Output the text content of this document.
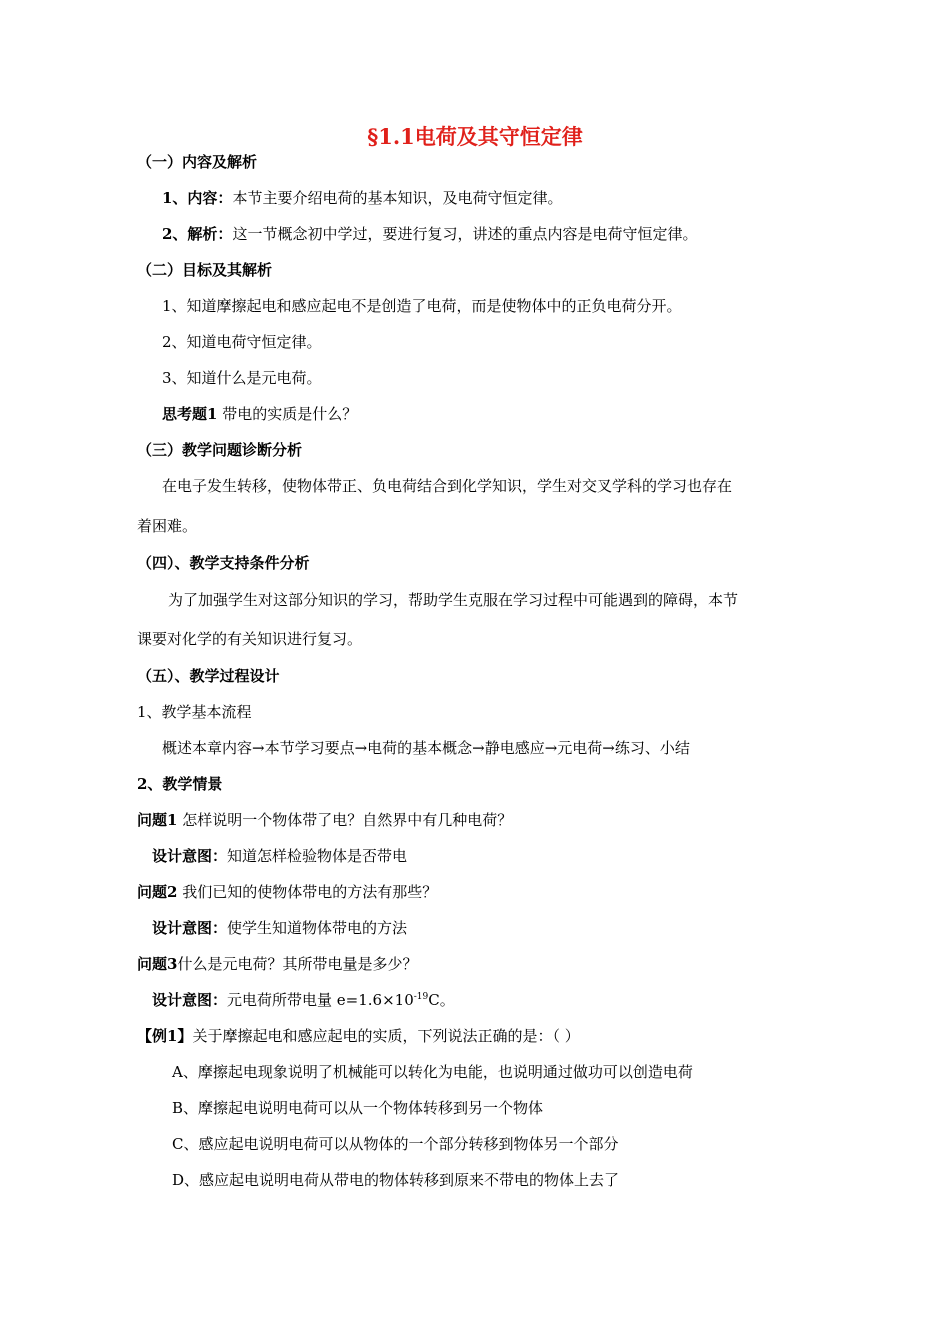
§1.1电荷及其守恒定律
（一）内容及解析
1、内容：本节主要介绍电荷的基本知识，及电荷守恒定律。
2、解析：这一节概念初中学过，要进行复习，讲述的重点内容是电荷守恒定律。
（二）目标及其解析
1、知道摩擦起电和感应起电不是创造了电荷，而是使物体中的正负电荷分开。
2、知道电荷守恒定律。
3、知道什么是元电荷。
思考题1 带电的实质是什么？
（三）教学问题诊断分析
在电子发生转移，使物体带正、负电荷结合到化学知识，学生对交叉学科的学习也存在
着困难。
（四）、教学支持条件分析
为了加强学生对这部分知识的学习，帮助学生克服在学习过程中可能遇到的障碍，本节
课要对化学的有关知识进行复习。
（五）、教学过程设计
1、教学基本流程
概述本章内容→本节学习要点→电荷的基本概念→静电感应→元电荷→练习、小结
2、教学情景
问题1 怎样说明一个物体带了电？自然界中有几种电荷？
设计意图：知道怎样检验物体是否带电
问题2 我们已知的使物体带电的方法有那些？
设计意图：使学生知道物体带电的方法
问题3什么是元电荷？其所带电量是多少？
设计意图：元电荷所带电量 $e=1.6\times 10^{-19}C$。
【例1】关于摩擦起电和感应起电的实质，下列说法正确的是：（ ）
A、摩擦起电现象说明了机械能可以转化为电能，也说明通过做功可以创造电荷
B、摩擦起电说明电荷可以从一个物体转移到另一个物体
C、感应起电说明电荷可以从物体的一个部分转移到物体另一个部分
D、感应起电说明电荷从带电的物体转移到原来不带电的物体上去了
